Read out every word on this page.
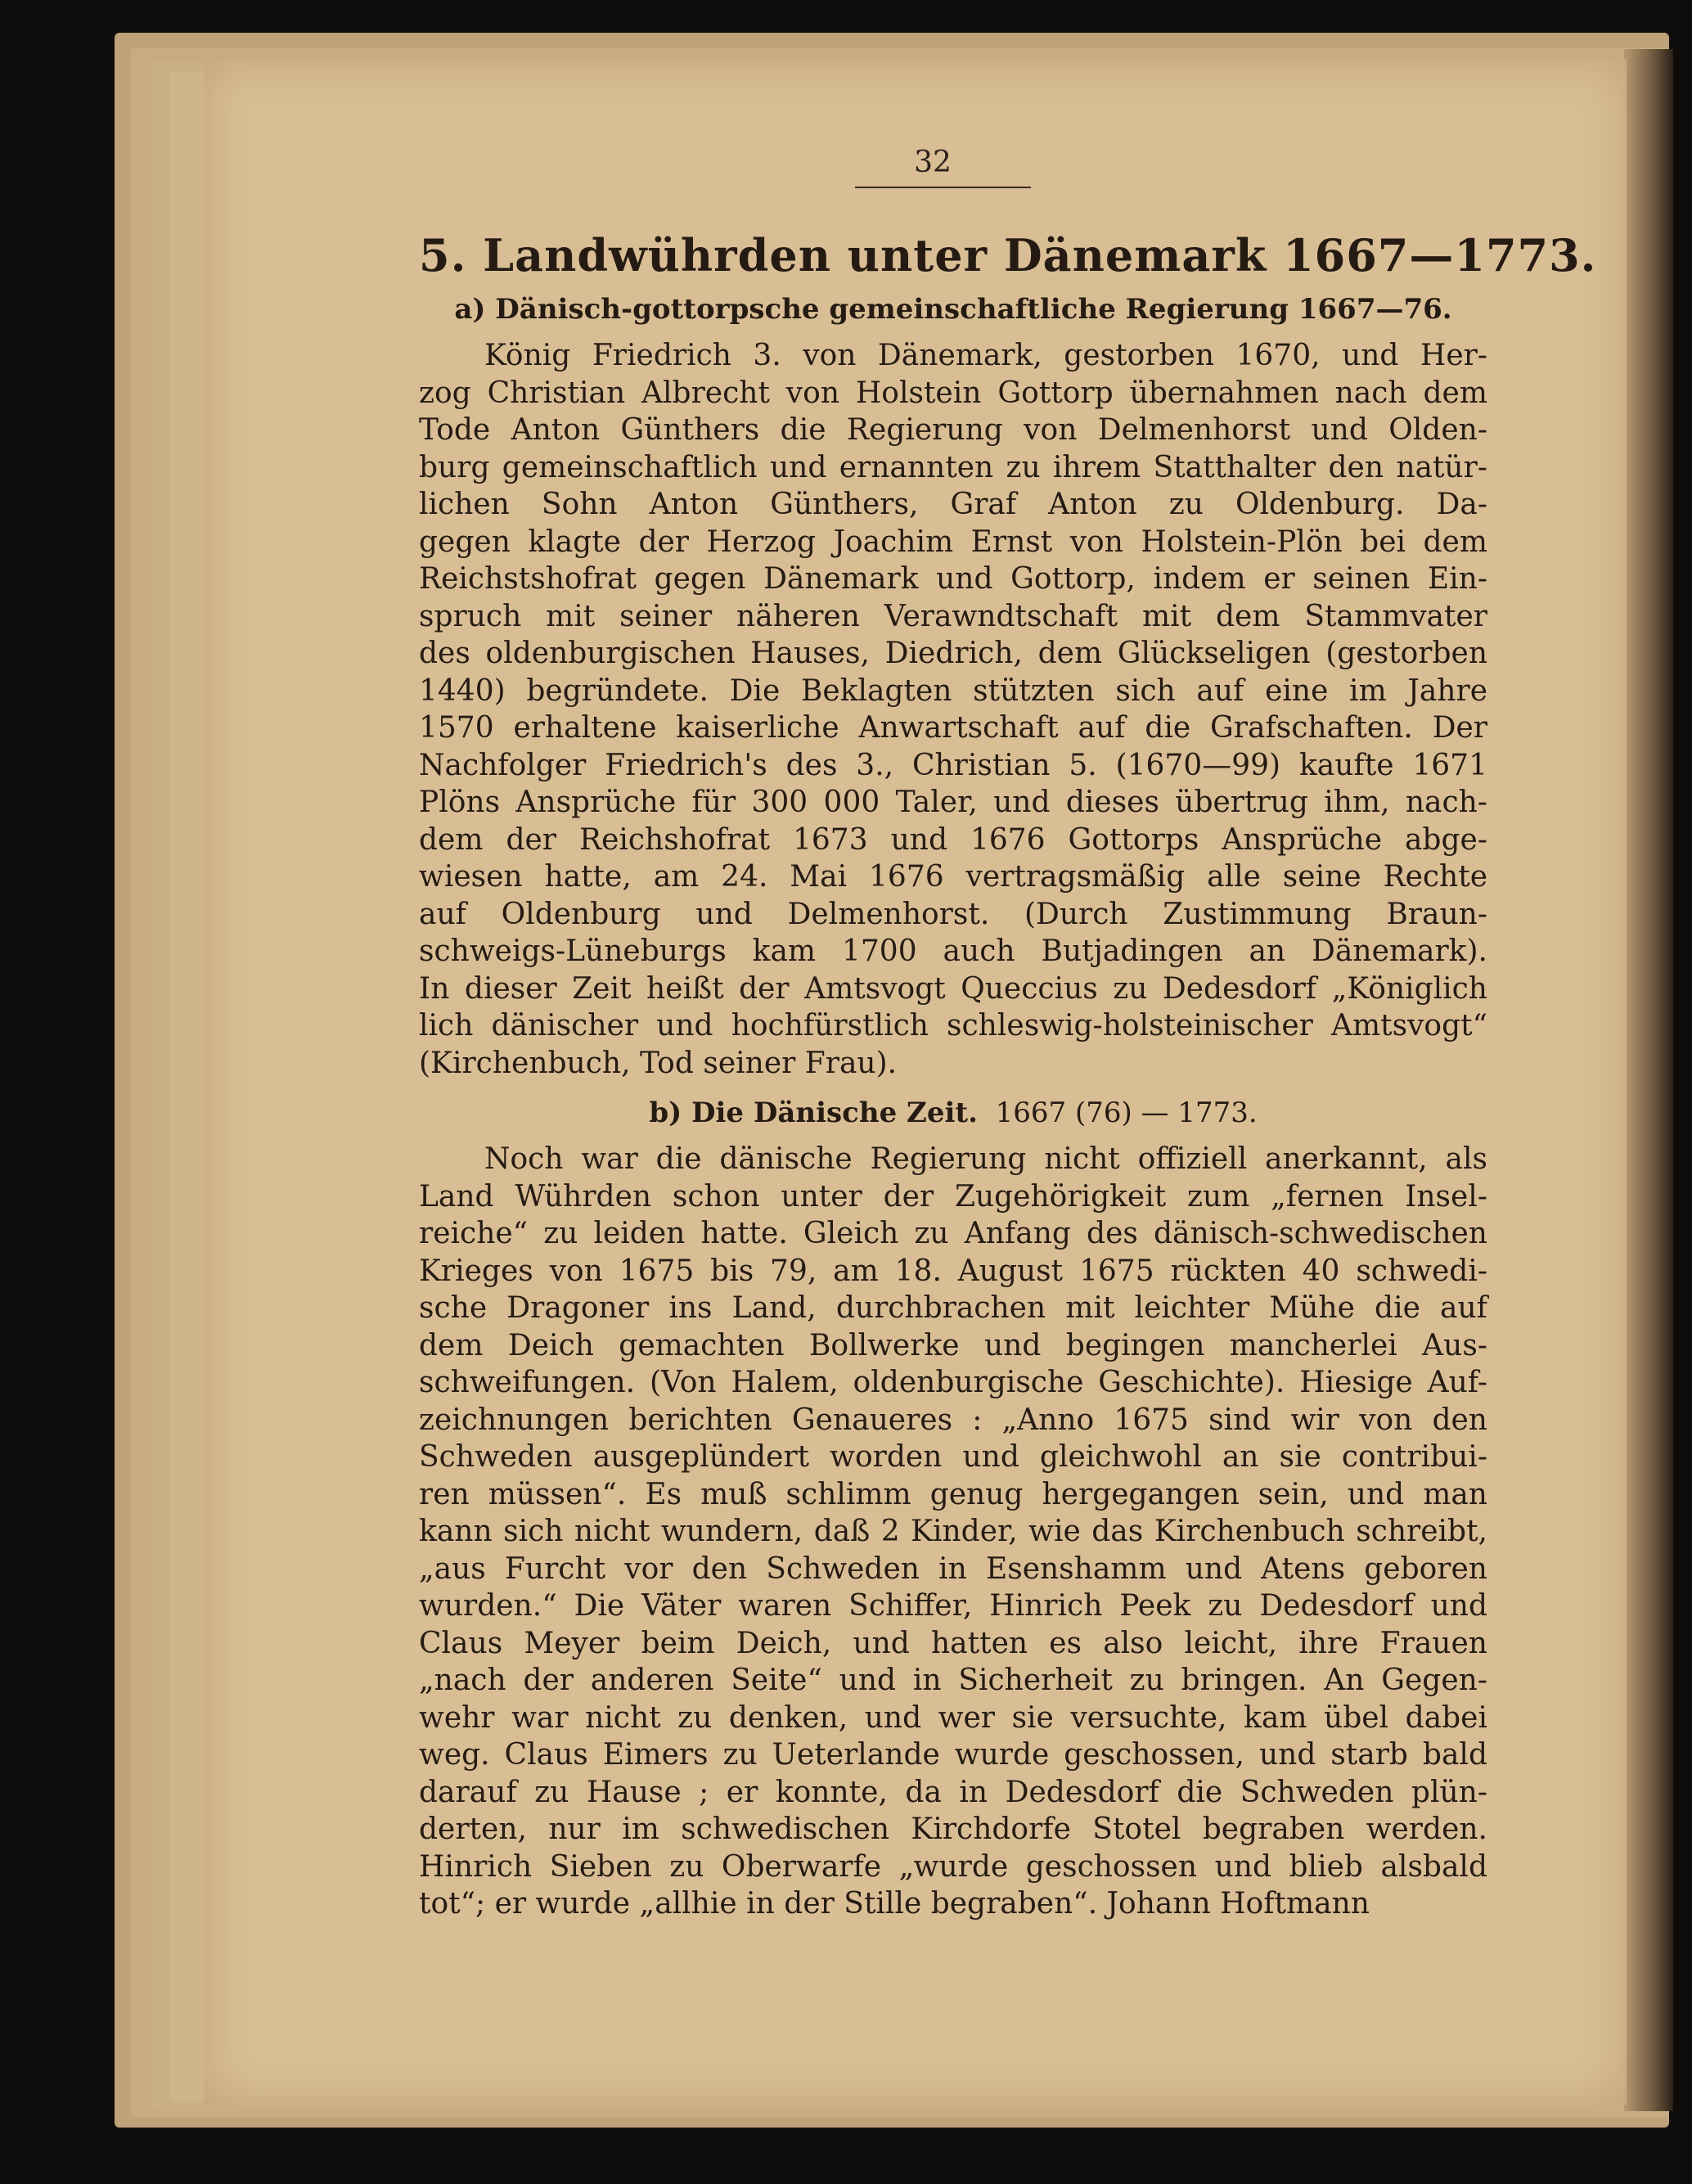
32
5. Landwührden unter Dänemark 1667—1773.
a) Dänisch-gottorpsche gemeinschaftliche Regierung 1667—76.

König Friedrich 3. von Dänemark, gestorben 1670, und Her-
zog Christian Albrecht von Holstein Gottorp übernahmen nach dem
Tode Anton Günthers die Regierung von Delmenhorst und Olden-
burg gemeinschaftlich und ernannten zu ihrem Statthalter den natür-
lichen Sohn Anton Günthers, Graf Anton zu Oldenburg. Da-
gegen klagte der Herzog Joachim Ernst von Holstein-Plön bei dem
Reichstshofrat gegen Dänemark und Gottorp, indem er seinen Ein-
spruch mit seiner näheren Verawndtschaft mit dem Stammvater
des oldenburgischen Hauses, Diedrich, dem Glückseligen (gestorben
1440) begründete. Die Beklagten stützten sich auf eine im Jahre
1570 erhaltene kaiserliche Anwartschaft auf die Grafschaften. Der
Nachfolger Friedrich's des 3., Christian 5. (1670—99) kaufte 1671
Plöns Ansprüche für 300 000 Taler, und dieses übertrug ihm, nach-
dem der Reichshofrat 1673 und 1676 Gottorps Ansprüche abge-
wiesen hatte, am 24. Mai 1676 vertragsmäßig alle seine Rechte
auf Oldenburg und Delmenhorst. (Durch Zustimmung Braun-
schweigs-Lüneburgs kam 1700 auch Butjadingen an Dänemark).
In dieser Zeit heißt der Amtsvogt Queccius zu Dedesdorf „Königlich
lich dänischer und hochfürstlich schleswig-holsteinischer Amtsvogt“
(Kirchenbuch, Tod seiner Frau).

b) Die Dänische Zeit. 1667 (76) — 1773.

Noch war die dänische Regierung nicht offiziell anerkannt, als
Land Wührden schon unter der Zugehörigkeit zum „fernen Insel-
reiche“ zu leiden hatte. Gleich zu Anfang des dänisch-schwedischen
Krieges von 1675 bis 79, am 18. August 1675 rückten 40 schwedi-
sche Dragoner ins Land, durchbrachen mit leichter Mühe die auf
dem Deich gemachten Bollwerke und begingen mancherlei Aus-
schweifungen. (Von Halem, oldenburgische Geschichte). Hiesige Auf-
zeichnungen berichten Genaueres : „Anno 1675 sind wir von den
Schweden ausgeplündert worden und gleichwohl an sie contribui-
ren müssen“. Es muß schlimm genug hergegangen sein, und man
kann sich nicht wundern, daß 2 Kinder, wie das Kirchenbuch schreibt,
„aus Furcht vor den Schweden in Esenshamm und Atens geboren
wurden.“ Die Väter waren Schiffer, Hinrich Peek zu Dedesdorf und
Claus Meyer beim Deich, und hatten es also leicht, ihre Frauen
„nach der anderen Seite“ und in Sicherheit zu bringen. An Gegen-
wehr war nicht zu denken, und wer sie versuchte, kam übel dabei
weg. Claus Eimers zu Ueterlande wurde geschossen, und starb bald
darauf zu Hause ; er konnte, da in Dedesdorf die Schweden plün-
derten, nur im schwedischen Kirchdorfe Stotel begraben werden.
Hinrich Sieben zu Oberwarfe „wurde geschossen und blieb alsbald
tot“; er wurde „allhie in der Stille begraben“. Johann Hoftmann
